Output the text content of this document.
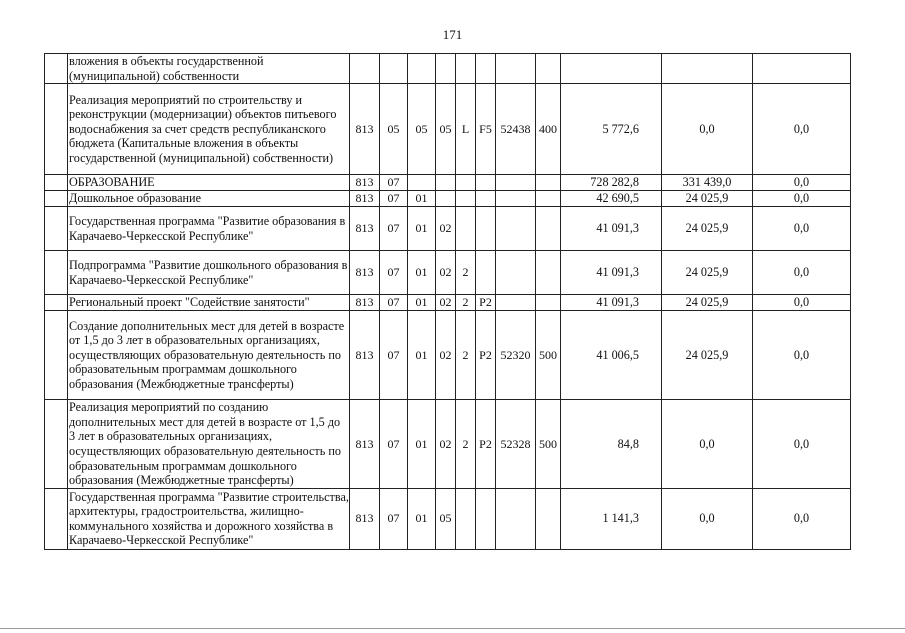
171
	вложения в объекты государственной (муниципальной) собственности											
	Реализация мероприятий по строительству и реконструкции (модернизации) объектов питьевого водоснабжения за счет средств республиканского бюджета (Капитальные вложения в объекты государственной (муниципальной) собственности)	813	05	05	05	L	F5	52438	400	5 772,6	0,0	0,0
	ОБРАЗОВАНИЕ	813	07							728 282,8	331 439,0	0,0
	Дошкольное образование	813	07	01						42 690,5	24 025,9	0,0
	Государственная программа "Развитие образования в Карачаево-Черкесской Республике"	813	07	01	02					41 091,3	24 025,9	0,0
	Подпрограмма "Развитие дошкольного образования в Карачаево-Черкесской Республике"	813	07	01	02	2				41 091,3	24 025,9	0,0
	Региональный проект "Содействие занятости"	813	07	01	02	2	P2			41 091,3	24 025,9	0,0
	Создание дополнительных мест для детей в возрасте от 1,5 до 3 лет в образовательных организациях, осуществляющих образовательную деятельность по образовательным программам дошкольного образования (Межбюджетные трансферты)	813	07	01	02	2	P2	52320	500	41 006,5	24 025,9	0,0
	Реализация мероприятий по созданию дополнительных мест для детей в возрасте от 1,5 до 3 лет в образовательных организациях, осуществляющих образовательную деятельность по образовательным программам дошкольного образования (Межбюджетные трансферты)	813	07	01	02	2	P2	52328	500	84,8	0,0	0,0
	Государственная программа "Развитие строительства, архитектуры, градостроительства, жилищно-коммунального хозяйства и дорожного хозяйства в Карачаево-Черкесской Республике"	813	07	01	05					1 141,3	0,0	0,0
